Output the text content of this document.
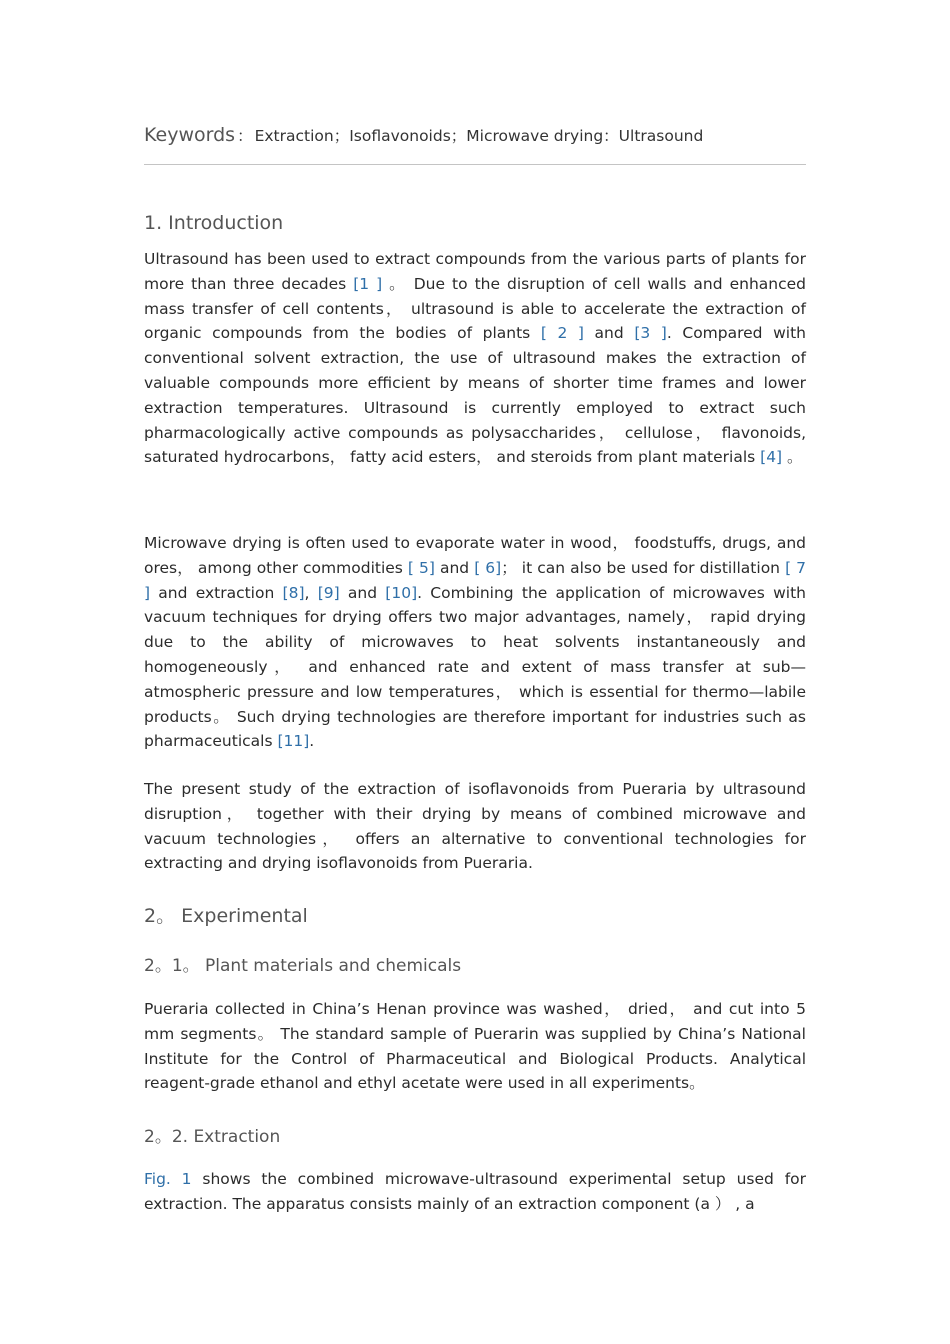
Keywords ： Extraction；Isoflavonoids；Microwave drying：Ultrasound
1. Introduction

Ultrasound has been used to extract compounds from the various parts of plants for more than three decades [1 ] 。 Due to the disruption of cell walls and enhanced mass transfer of cell contents， ultrasound is able to accelerate the extraction of organic compounds from the bodies of plants [ 2 ] and [3 ]. Compared with conventional solvent extraction, the use of ultrasound makes the extraction of valuable compounds more efficient by means of shorter time frames and lower extraction temperatures. Ultrasound is currently employed to extract such pharmacologically active compounds as polysaccharides， cellulose， flavonoids, saturated hydrocarbons， fatty acid esters， and steroids from plant materials [4] 。

Microwave drying is often used to evaporate water in wood， foodstuffs, drugs, and ores， among other commodities [ 5] and [ 6]； it can also be used for distillation [ 7 ] and extraction [8], [9] and [10]. Combining the application of microwaves with vacuum techniques for drying offers two major advantages, namely， rapid drying due to the ability of microwaves to heat solvents instantaneously and homogeneously， and enhanced rate and extent of mass transfer at sub—atmospheric pressure and low temperatures， which is essential for thermo—labile products。 Such drying technologies are therefore important for industries such as pharmaceuticals [11].

The present study of the extraction of isoflavonoids from Pueraria by ultrasound disruption， together with their drying by means of combined microwave and vacuum technologies， offers an alternative to conventional technologies for extracting and drying isoflavonoids from Pueraria.

2。 Experimental
2。1。 Plant materials and chemicals

Pueraria collected in China’s Henan province was washed， dried， and cut into 5 mm segments。 The standard sample of Puerarin was supplied by China’s National Institute for the Control of Pharmaceutical and Biological Products. Analytical reagent-grade ethanol and ethyl acetate were used in all experiments。

2。2. Extraction

Fig. 1 shows the combined microwave-ultrasound experimental setup used for extraction. The apparatus consists mainly of an extraction component (a ） , a
